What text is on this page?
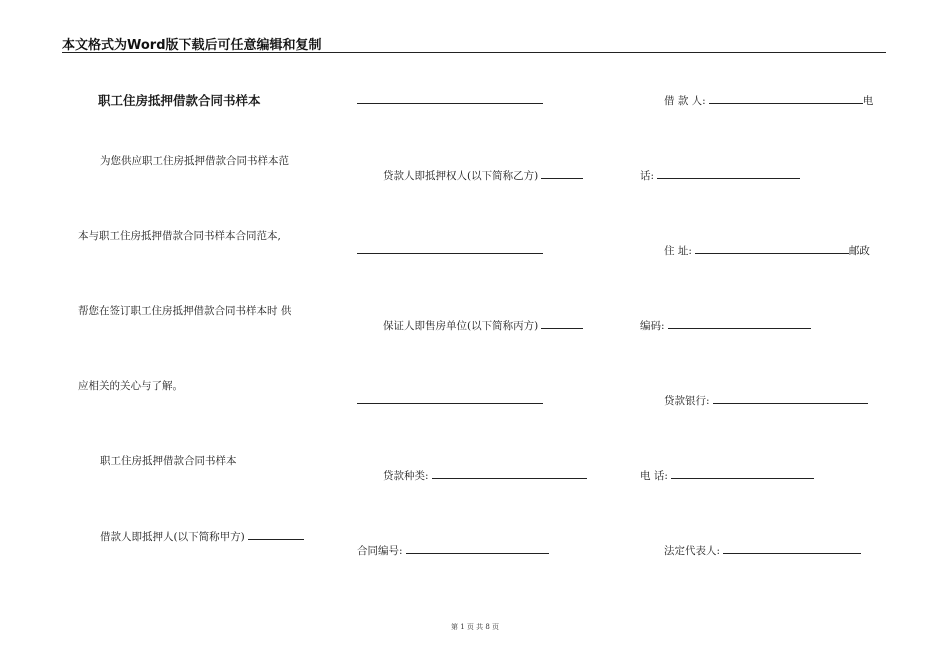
本文格式为Word版下载后可任意编辑和复制
职工住房抵押借款合同书样本
为您供应职工住房抵押借款合同书样本范
本与职工住房抵押借款合同书样本合同范本,
帮您在签订职工住房抵押借款合同书样本时 供
应相关的关心与了解。
职工住房抵押借款合同书样本
借款人即抵押人(以下简称甲方)
贷款人即抵押权人(以下简称乙方)
保证人即售房单位(以下简称丙方)
贷款种类:
合同编号:
借 款 人:	电
话:
住 址:	邮政
编码:
贷款银行:
电 话:
法定代表人:
第 1 页 共 8 页
